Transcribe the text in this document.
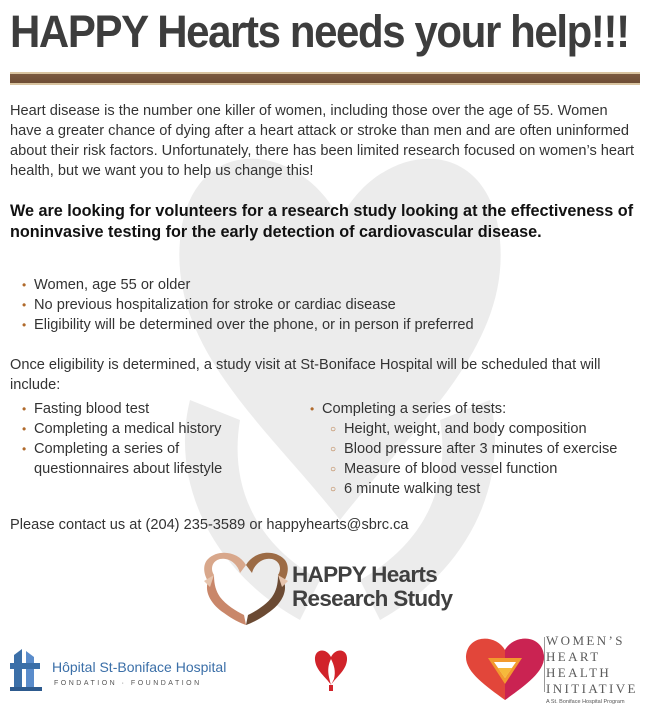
HAPPY Hearts needs your help!!!

Heart disease is the number one killer of women, including those over the age of 55. Women have a greater chance of dying after a heart attack or stroke than men and are often uninformed about their risk factors. Unfortunately, there has been limited research focused on women’s heart health, but we want you to help us change this!

We are looking for volunteers for a research study looking at the effectiveness of noninvasive testing for the early detection of cardiovascular disease.

• Women, age 55 or older
• No previous hospitalization for stroke or cardiac disease
• Eligibility will be determined over the phone, or in person if preferred

Once eligibility is determined, a study visit at St-Boniface Hospital will be scheduled that will include:

• Fasting blood test
• Completing a medical history
• Completing a series of questionnaires about lifestyle
• Completing a series of tests:
○ Height, weight, and body composition
○ Blood pressure after 3 minutes of exercise
○ Measure of blood vessel function
○ 6 minute walking test

Please contact us at (204) 235-3589 or happyhearts@sbrc.ca

HAPPY Hearts
Research Study
Hôpital St-Boniface Hospital
FONDATION · FOUNDATION
WOMEN’S
HEART
HEALTH
INITIATIVE
A St. Boniface Hospital Program
